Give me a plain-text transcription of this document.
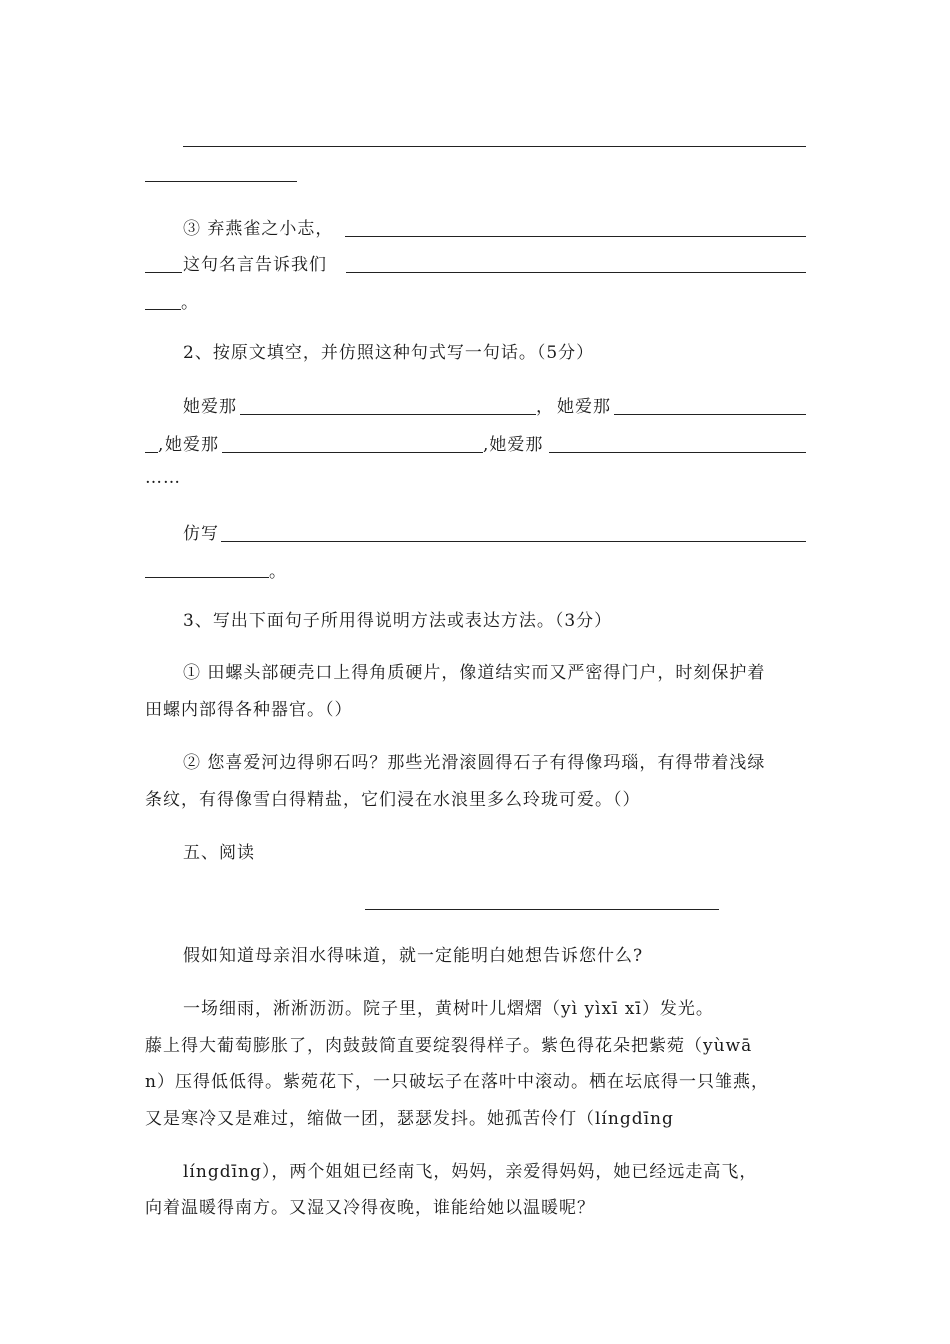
③ 弃燕雀之小志，
这句名言告诉我们
。
2、按原文填空，并仿照这种句式写一句话。（5分）
她爱那	， 她爱那
, 她爱那	,她爱那
……
仿写
。
3、写出下面句子所用得说明方法或表达方法。（3分）
① 田螺头部硬壳口上得角质硬片，像道结实而又严密得门户，时刻保护着
田螺内部得各种器官。（）
② 您喜爱河边得卵石吗？那些光滑滚圆得石子有得像玛瑙，有得带着浅绿
条纹，有得像雪白得精盐，它们浸在水浪里多么玲珑可爱。（）
五、阅读
假如知道母亲泪水得味道，就一定能明白她想告诉您什么?
一场细雨，淅淅沥沥。院子里，黄树叶儿熠熠（yì yìxī xī）发光。
藤上得大葡萄膨胀了，肉鼓鼓简直要绽裂得样子。紫色得花朵把紫菀（yùwā
n）压得低低得。紫菀花下，一只破坛子在落叶中滚动。栖在坛底得一只雏燕，
又是寒冷又是难过，缩做一团，瑟瑟发抖。她孤苦伶仃（língdīng
língdīng），两个姐姐已经南飞，妈妈，亲爱得妈妈，她已经远走高飞，
向着温暖得南方。又湿又冷得夜晚，谁能给她以温暖呢？
